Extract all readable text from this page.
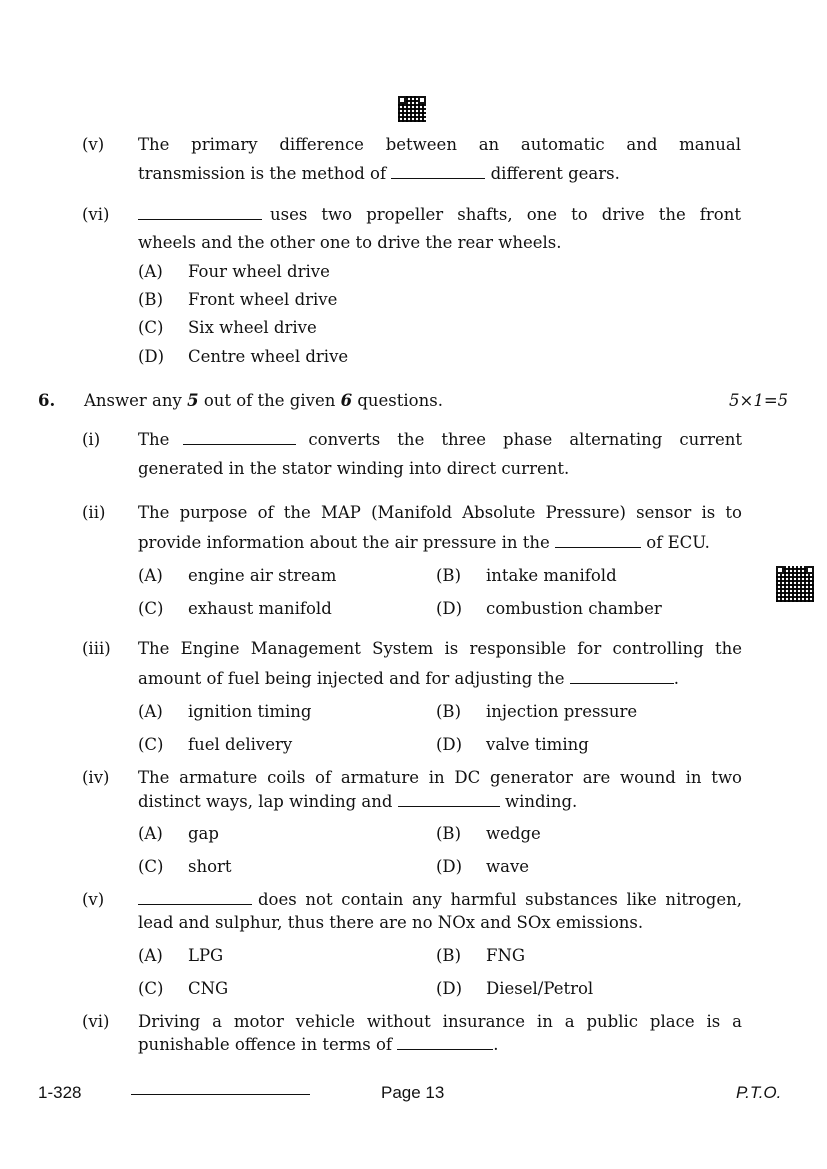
(v) The primary difference between an automatic and manual
transmission is the method of	different gears.
(vi)	uses two propeller shafts, one to drive the front
wheels and the other one to drive the rear wheels.
(A) Four wheel drive
(B) Front wheel drive
(C) Six wheel drive
(D) Centre wheel drive
6. Answer any 5 out of the given 6 questions.	5×1=5
(i) The	converts the three phase alternating current
generated in the stator winding into direct current.
(ii) The purpose of the MAP (Manifold Absolute Pressure) sensor is to
provide information about the air pressure in the	of ECU.
(A) engine air stream	(B) intake manifold
(C) exhaust manifold	(D) combustion chamber
(iii) The Engine Management System is responsible for controlling the
amount of fuel being injected and for adjusting the	.
(A) ignition timing	(B) injection pressure
(C) fuel delivery	(D) valve timing
(iv) The armature coils of armature in DC generator are wound in two
distinct ways, lap winding and	winding.
(A) gap	(B) wedge
(C) short	(D) wave
(v)	does not contain any harmful substances like nitrogen,
lead and sulphur, thus there are no NOx and SOx emissions.
(A) LPG	(B) FNG
(C) CNG	(D) Diesel/Petrol
(vi) Driving a motor vehicle without insurance in a public place is a
punishable offence in terms of	.
1-328	Page 13	P.T.O.
